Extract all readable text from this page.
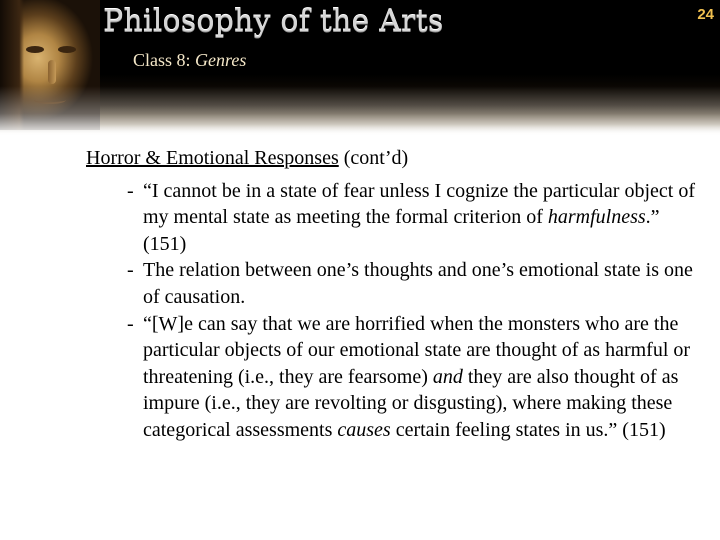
Philosophy of the Arts	24
Class 8: Genres
Horror & Emotional Responses (cont’d)
- “I cannot be in a state of fear unless I cognize the particular object of my mental state as meeting the formal criterion of harmfulness.” (151)
- The relation between one’s thoughts and one’s emotional state is one of causation.
- “[W]e can say that we are horrified when the monsters who are the particular objects of our emotional state are thought of as harmful or threatening (i.e., they are fearsome) and they are also thought of as impure (i.e., they are revolting or disgusting), where making these categorical assessments causes certain feeling states in us.” (151)
